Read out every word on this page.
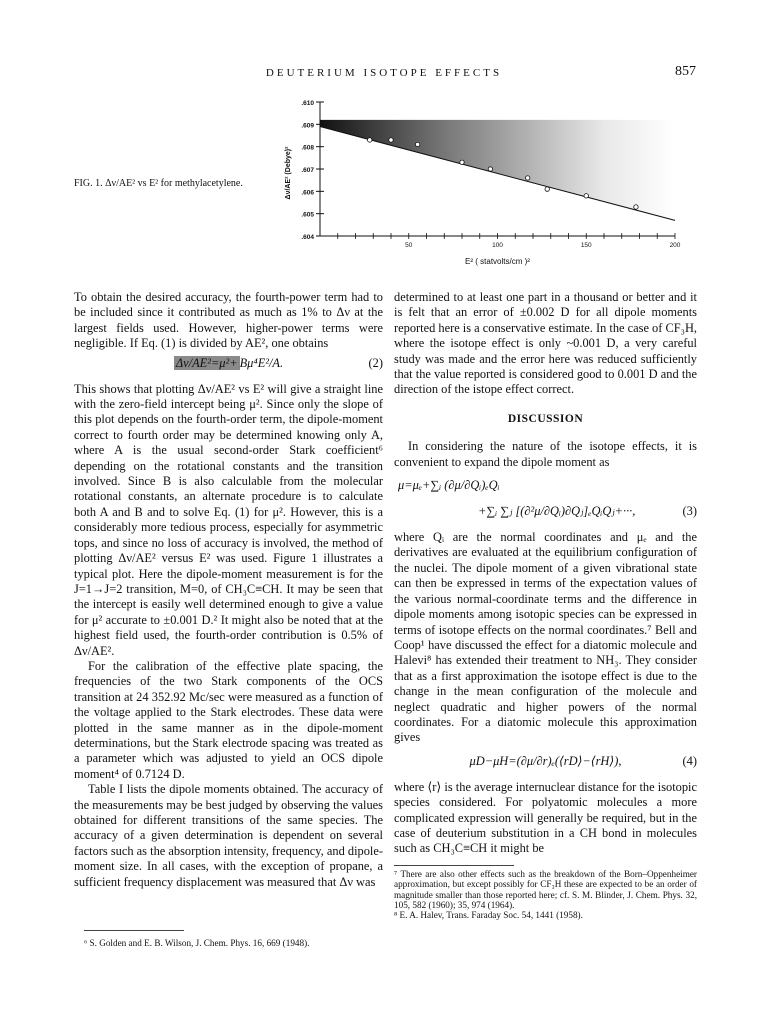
DEUTERIUM ISOTOPE EFFECTS	857
FIG. 1. Δν/AE² vs E² for methylacetylene.
.610
.609
.608
.607
.606
.605
.604
50	100	150	200
E² ( statvolts/cm )²
Δν/AE² (Debye)²

To obtain the desired accuracy, the fourth-power term had to be included since it contributed as much as 1% to Δν at the largest fields used. However, higher-power terms were negligible. If Eq. (1) is divided by AE², one obtains

Δν/AE²=μ²+ Bμ⁴E²/A.	(2)

This shows that plotting Δν/AE² vs E² will give a straight line with the zero-field intercept being μ². Since only the slope of this plot depends on the fourth-order term, the dipole-moment correct to fourth order may be determined knowing only A, where A is the usual second-order Stark coefficient⁶ depending on the rotational constants and the transition involved. Since B is also calculable from the molecular rotational constants, an alternate procedure is to calculate both A and B and to solve Eq. (1) for μ². However, this is a considerably more tedious process, especially for asymmetric tops, and since no loss of accuracy is involved, the method of plotting Δν/AE² versus E² was used. Figure 1 illustrates a typical plot. Here the dipole-moment measurement is for the J=1→J=2 transition, M=0, of CH₃C≡CH. It may be seen that the intercept is easily well determined enough to give a value for μ² accurate to ±0.001 D.² It might also be noted that at the highest field used, the fourth-order contribution is 0.5% of Δν/AE².

For the calibration of the effective plate spacing, the frequencies of the two Stark components of the OCS transition at 24 352.92 Mc/sec were measured as a function of the voltage applied to the Stark electrodes. These data were plotted in the same manner as in the dipole-moment determinations, but the Stark electrode spacing was treated as a parameter which was adjusted to yield an OCS dipole moment⁴ of 0.7124 D.

Table I lists the dipole moments obtained. The accuracy of the measurements may be best judged by observing the values obtained for different transitions of the same species. The accuracy of a given determination is dependent on several factors such as the absorption intensity, frequency, and dipole-moment size. In all cases, with the exception of propane, a sufficient frequency displacement was measured that Δν was

⁶ S. Golden and E. B. Wilson, J. Chem. Phys. 16, 669 (1948).

determined to at least one part in a thousand or better and it is felt that an error of ±0.002 D for all dipole moments reported here is a conservative estimate. In the case of CF₃H, where the isotope effect is only ~0.001 D, a very careful study was made and the error here was reduced sufficiently that the value reported is considered good to 0.001 D and the direction of the istope effect correct.

DISCUSSION

In considering the nature of the isotope effects, it is convenient to expand the dipole moment as

μ=μₑ+∑ᵢ (∂μ/∂Qᵢ)ₑQᵢ
+∑ᵢ ∑ⱼ [(∂²μ/∂Qᵢ)∂Qⱼ]ₑQᵢQⱼ+···,	(3)

where Qᵢ are the normal coordinates and μₑ and the derivatives are evaluated at the equilibrium configuration of the nuclei. The dipole moment of a given vibrational state can then be expressed in terms of the expectation values of the various normal-coordinate terms and the difference in dipole moments among isotopic species can be expressed in terms of isotope effects on the normal coordinates.⁷ Bell and Coop¹ have discussed the effect for a diatomic molecule and Halevi⁸ has extended their treatment to NH₃. They consider that as a first approximation the isotope effect is due to the change in the mean configuration of the molecule and neglect quadratic and higher powers of the normal coordinates. For a diatomic molecule this approximation gives

μD−μH=(∂μ/∂r)ₑ(⟨rD⟩−⟨rH⟩),	(4)

where ⟨r⟩ is the average internuclear distance for the isotopic species considered. For polyatomic molecules a more complicated expression will generally be required, but in the case of deuterium substitution in a CH bond in molecules such as CH₃C≡CH it might be

⁷ There are also other effects such as the breakdown of the Born–Oppenheimer approximation, but except possibly for CF₃H these are expected to be an order of magnitude smaller than those reported here; cf. S. M. Blinder, J. Chem. Phys. 32, 105, 582 (1960); 35, 974 (1964).

⁸ E. A. Halev, Trans. Faraday Soc. 54, 1441 (1958).
